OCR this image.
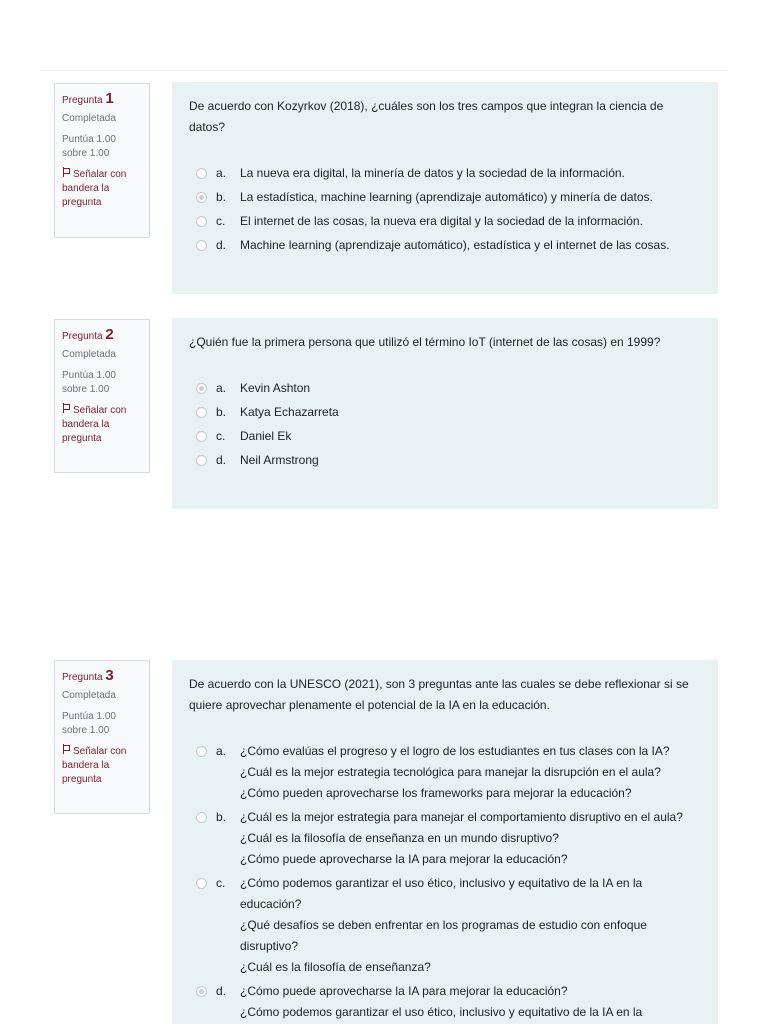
Pregunta 1
Completada
Puntúa 1.00
sobre 1.00
Señalar con bandera la pregunta

De acuerdo con Kozyrkov (2018), ¿cuáles son los tres campos que integran la ciencia de datos?

a.	La nueva era digital, la minería de datos y la sociedad de la información.
b.	La estadística, machine learning (aprendizaje automático) y minería de datos.
c.	El internet de las cosas, la nueva era digital y la sociedad de la información.
d.	Machine learning (aprendizaje automático), estadística y el internet de las cosas.
Pregunta 2
Completada
Puntúa 1.00
sobre 1.00
Señalar con bandera la pregunta

¿Quién fue la primera persona que utilizó el término IoT (internet de las cosas) en 1999?

a.	Kevin Ashton
b.	Katya Echazarreta
c.	Daniel Ek
d.	Neil Armstrong
Pregunta 3
Completada
Puntúa 1.00
sobre 1.00
Señalar con bandera la pregunta

De acuerdo con la UNESCO (2021), son 3 preguntas ante las cuales se debe reflexionar si se quiere aprovechar plenamente el potencial de la IA en la educación.

a.	¿Cómo evalúas el progreso y el logro de los estudiantes en tus clases con la IA?
¿Cuál es la mejor estrategia tecnológica para manejar la disrupción en el aula?
¿Cómo pueden aprovecharse los frameworks para mejorar la educación?
b.	¿Cuál es la mejor estrategia para manejar el comportamiento disruptivo en el aula?
¿Cuál es la filosofía de enseñanza en un mundo disruptivo?
¿Cómo puede aprovecharse la IA para mejorar la educación?
c.	¿Cómo podemos garantizar el uso ético, inclusivo y equitativo de la IA en la educación?
¿Qué desafíos se deben enfrentar en los programas de estudio con enfoque disruptivo?
¿Cuál es la filosofía de enseñanza?
d.	¿Cómo puede aprovecharse la IA para mejorar la educación?
¿Cómo podemos garantizar el uso ético, inclusivo y equitativo de la IA en la
